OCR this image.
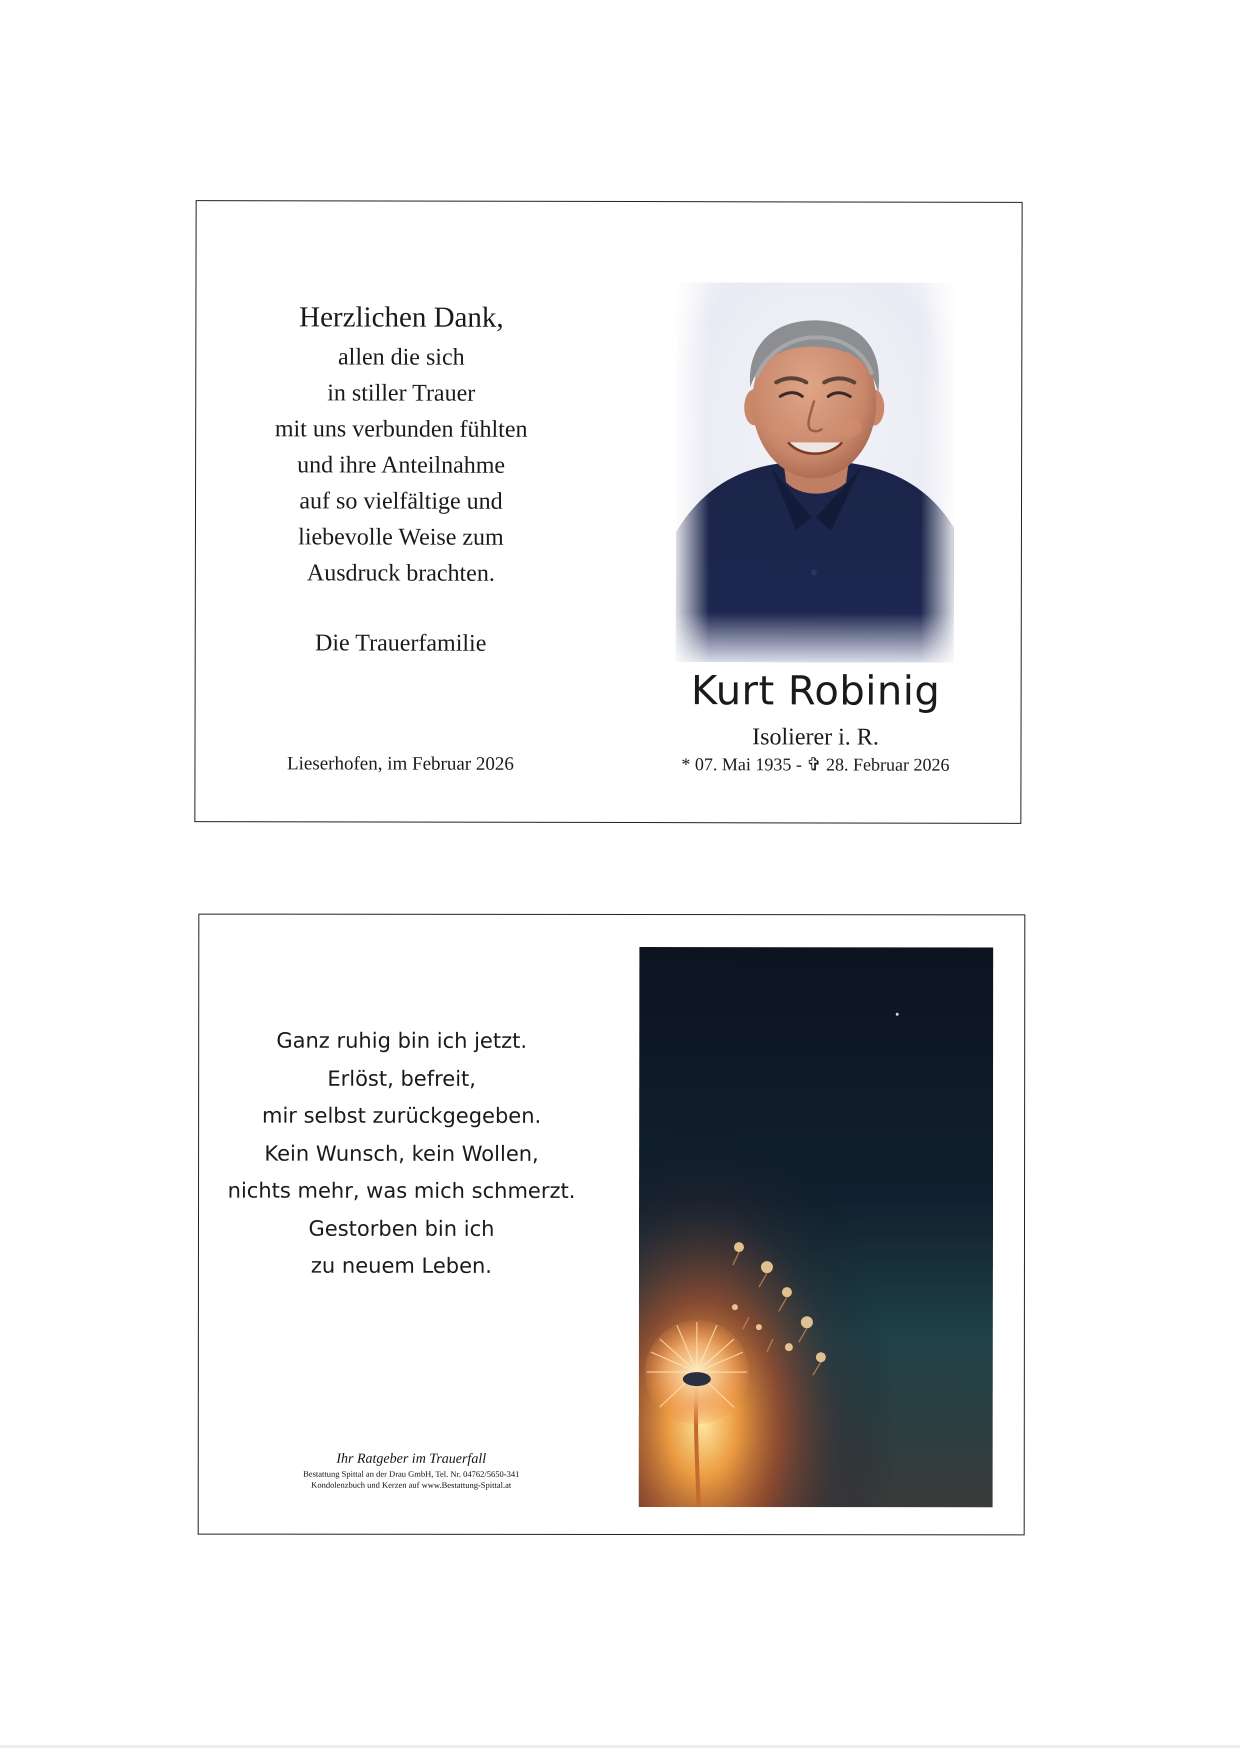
Herzlichen Dank,
allen die sich
in stiller Trauer
mit uns verbunden fühlten
und ihre Anteilnahme
auf so vielfältige und
liebevolle Weise zum
Ausdruck brachten.
Die Trauerfamilie
Lieserhofen, im Februar 2026
Kurt Robinig
Isolierer i. R.
* 07. Mai 1935 - ✞ 28. Februar 2026
Ganz ruhig bin ich jetzt.
Erlöst, befreit,
mir selbst zurückgegeben.
Kein Wunsch, kein Wollen,
nichts mehr, was mich schmerzt.
Gestorben bin ich
zu neuem Leben.
Ihr Ratgeber im Trauerfall
Bestattung Spittal an der Drau GmbH, Tel. Nr. 04762/5650-341
Kondolenzbuch und Kerzen auf www.Bestattung-Spittal.at
